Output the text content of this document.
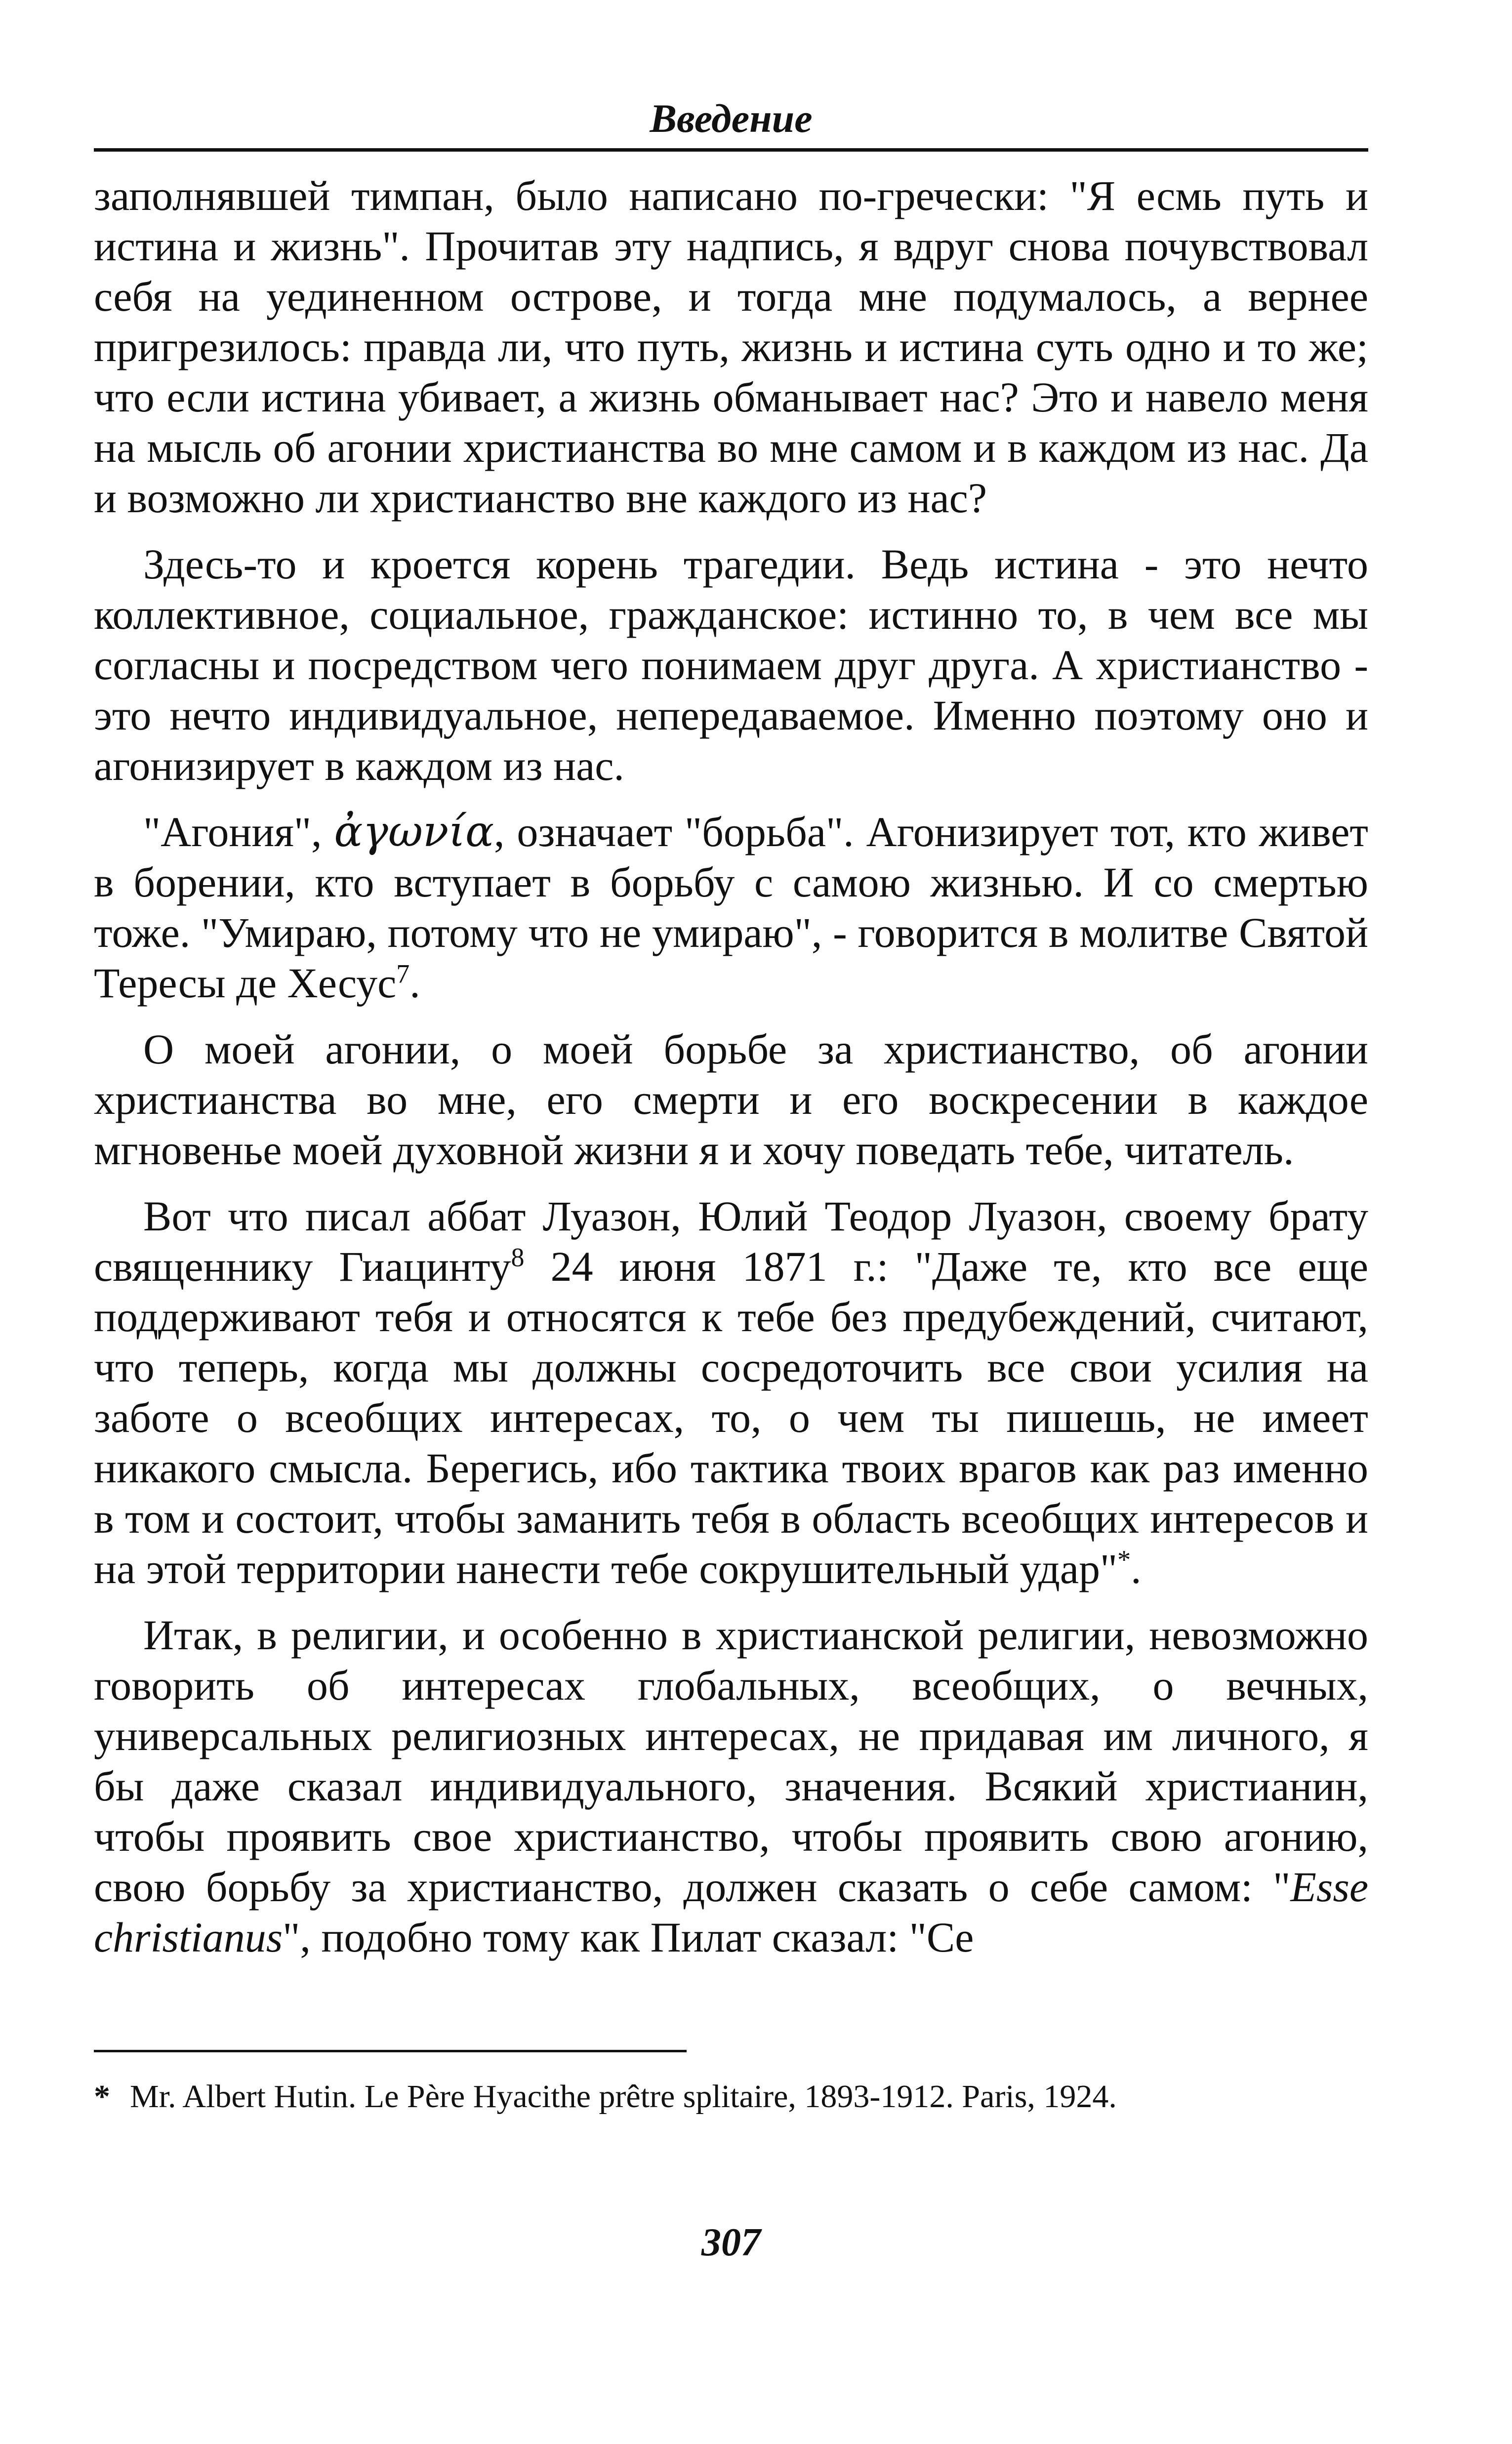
Введение

заполнявшей тимпан, было написано по-гречески: "Я есмь путь и истина и жизнь". Прочитав эту надпись, я вдруг снова почувствовал себя на уединенном острове, и тогда мне подумалось, а вернее пригрезилось: правда ли, что путь, жизнь и истина суть одно и то же; что если истина убивает, а жизнь обманывает нас? Это и навело меня на мысль об агонии христианства во мне самом и в каждом из нас. Да и возможно ли христианство вне каждого из нас?

Здесь-то и кроется корень трагедии. Ведь истина - это нечто коллективное, социальное, гражданское: истинно то, в чем все мы согласны и посредством чего понимаем друг друга. А христианство - это нечто индивидуальное, непередаваемое. Именно поэтому оно и агонизирует в каждом из нас.

"Агония", ἀγωνία, означает "борьба". Агонизирует тот, кто живет в борении, кто вступает в борьбу с самою жизнью. И со смертью тоже. "Умираю, потому что не умираю", - говорится в молитве Святой Тересы де Хесус$^7$.

О моей агонии, о моей борьбе за христианство, об агонии христианства во мне, его смерти и его воскресении в каждое мгновенье моей духовной жизни я и хочу поведать тебе, читатель.

Вот что писал аббат Луазон, Юлий Теодор Луазон, своему брату священнику Гиацинту$^8$ 24 июня 1871 г.: "Даже те, кто все еще поддерживают тебя и относятся к тебе без предубеждений, считают, что теперь, когда мы должны сосредоточить все свои усилия на заботе о всеобщих интересах, то, о чем ты пишешь, не имеет никакого смысла. Берегись, ибо тактика твоих врагов как раз именно в том и состоит, чтобы заманить тебя в область всеобщих интересов и на этой территории нанести тебе сокрушительный удар"*.

Итак, в религии, и особенно в христианской религии, невозможно говорить об интересах глобальных, всеобщих, о вечных, универсальных религиозных интересах, не придавая им личного, я бы даже сказал индивидуального, значения. Всякий христианин, чтобы проявить свое христианство, чтобы проявить свою агонию, свою борьбу за христианство, должен сказать о себе самом: "Esse christianus", подобно тому как Пилат сказал: "Ce

* Mr. Albert Hutin. Le Père Hyacithe prêtre splitaire, 1893-1912. Paris, 1924.
307
